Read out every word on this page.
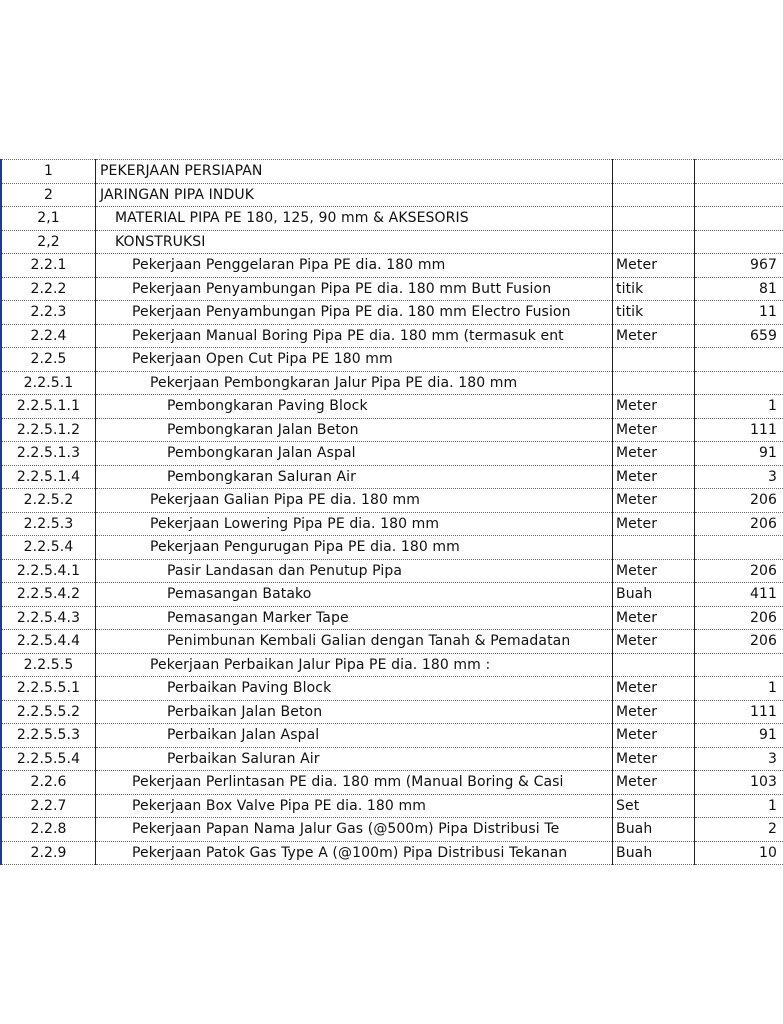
1	PEKERJAAN PERSIAPAN		
2	JARINGAN PIPA INDUK		
2,1	MATERIAL PIPA PE 180, 125, 90 mm & AKSESORIS		
2,2	KONSTRUKSI		
2.2.1	Pekerjaan Penggelaran Pipa PE dia. 180 mm	Meter	967
2.2.2	Pekerjaan Penyambungan Pipa PE dia. 180 mm Butt Fusion	titik	81
2.2.3	Pekerjaan Penyambungan Pipa PE dia. 180 mm Electro Fusion	titik	11
2.2.4	Pekerjaan Manual Boring Pipa PE dia. 180 mm (termasuk ent	Meter	659
2.2.5	Pekerjaan Open Cut Pipa PE 180 mm		
2.2.5.1	Pekerjaan Pembongkaran Jalur Pipa PE dia. 180 mm		
2.2.5.1.1	Pembongkaran Paving Block	Meter	1
2.2.5.1.2	Pembongkaran Jalan Beton	Meter	111
2.2.5.1.3	Pembongkaran Jalan Aspal	Meter	91
2.2.5.1.4	Pembongkaran Saluran Air	Meter	3
2.2.5.2	Pekerjaan Galian Pipa PE dia. 180 mm	Meter	206
2.2.5.3	Pekerjaan Lowering Pipa PE dia. 180 mm	Meter	206
2.2.5.4	Pekerjaan Pengurugan Pipa PE dia. 180 mm		
2.2.5.4.1	Pasir Landasan dan Penutup Pipa	Meter	206
2.2.5.4.2	Pemasangan Batako	Buah	411
2.2.5.4.3	Pemasangan Marker Tape	Meter	206
2.2.5.4.4	Penimbunan Kembali Galian dengan Tanah & Pemadatan	Meter	206
2.2.5.5	Pekerjaan Perbaikan Jalur Pipa PE dia. 180 mm :		
2.2.5.5.1	Perbaikan Paving Block	Meter	1
2.2.5.5.2	Perbaikan Jalan Beton	Meter	111
2.2.5.5.3	Perbaikan Jalan Aspal	Meter	91
2.2.5.5.4	Perbaikan Saluran Air	Meter	3
2.2.6	Pekerjaan Perlintasan PE dia. 180 mm (Manual Boring & Casi	Meter	103
2.2.7	Pekerjaan Box Valve Pipa PE dia. 180 mm	Set	1
2.2.8	Pekerjaan Papan Nama Jalur Gas (@500m) Pipa Distribusi Te	Buah	2
2.2.9	Pekerjaan Patok Gas Type A (@100m) Pipa Distribusi Tekanan	Buah	10
